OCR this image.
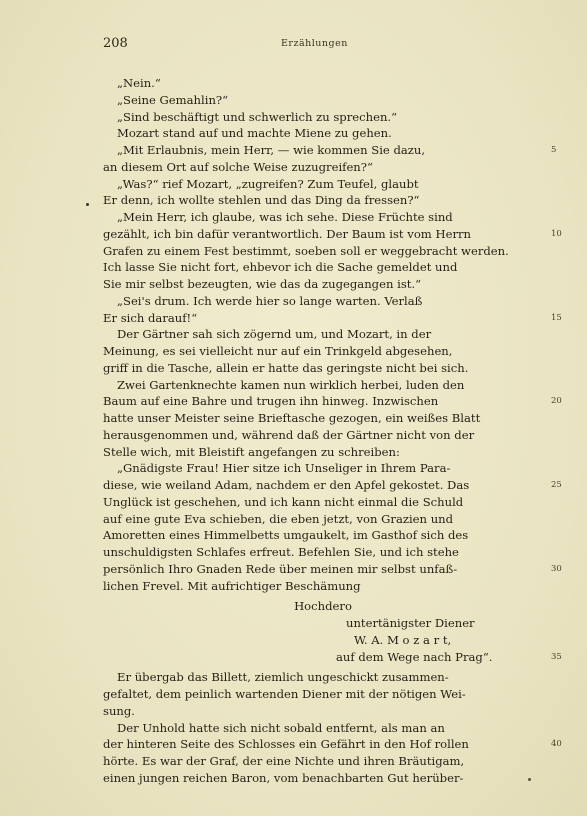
208	Erzählungen
„Nein.“
„Seine Gemahlin?“
„Sind beschäftigt und schwerlich zu sprechen.“
Mozart stand auf und machte Miene zu gehen.
„Mit Erlaubnis, mein Herr, — wie kommen Sie dazu,	5
an diesem Ort auf solche Weise zuzugreifen?“
„Was?“ rief Mozart, „zugreifen? Zum Teufel, glaubt
Er denn, ich wollte stehlen und das Ding da fressen?“
„Mein Herr, ich glaube, was ich sehe. Diese Früchte sind
gezählt, ich bin dafür verantwortlich. Der Baum ist vom Herrn	10
Grafen zu einem Fest bestimmt, soeben soll er weggebracht werden.
Ich lasse Sie nicht fort, ehbevor ich die Sache gemeldet und
Sie mir selbst bezeugten, wie das da zugegangen ist.“
„Sei's drum. Ich werde hier so lange warten. Verlaß
Er sich darauf!“	15
Der Gärtner sah sich zögernd um, und Mozart, in der
Meinung, es sei vielleicht nur auf ein Trinkgeld abgesehen,
griff in die Tasche, allein er hatte das geringste nicht bei sich.
Zwei Gartenknechte kamen nun wirklich herbei, luden den
Baum auf eine Bahre und trugen ihn hinweg. Inzwischen	20
hatte unser Meister seine Brieftasche gezogen, ein weißes Blatt
herausgenommen und, während daß der Gärtner nicht von der
Stelle wich, mit Bleistift angefangen zu schreiben:
„Gnädigste Frau! Hier sitze ich Unseliger in Ihrem Para-
diese, wie weiland Adam, nachdem er den Apfel gekostet. Das	25
Unglück ist geschehen, und ich kann nicht einmal die Schuld
auf eine gute Eva schieben, die eben jetzt, von Grazien und
Amoretten eines Himmelbetts umgaukelt, im Gasthof sich des
unschuldigsten Schlafes erfreut. Befehlen Sie, und ich stehe
persönlich Ihro Gnaden Rede über meinen mir selbst unfaß-	30
lichen Frevel. Mit aufrichtiger Beschämung
Hochdero
untertänigster Diener
W. A. M o z a r t,
auf dem Wege nach Prag“.	35
Er übergab das Billett, ziemlich ungeschickt zusammen-
gefaltet, dem peinlich wartenden Diener mit der nötigen Wei-
sung.
Der Unhold hatte sich nicht sobald entfernt, als man an
der hinteren Seite des Schlosses ein Gefährt in den Hof rollen	40
hörte. Es war der Graf, der eine Nichte und ihren Bräutigam,
einen jungen reichen Baron, vom benachbarten Gut herüber-
